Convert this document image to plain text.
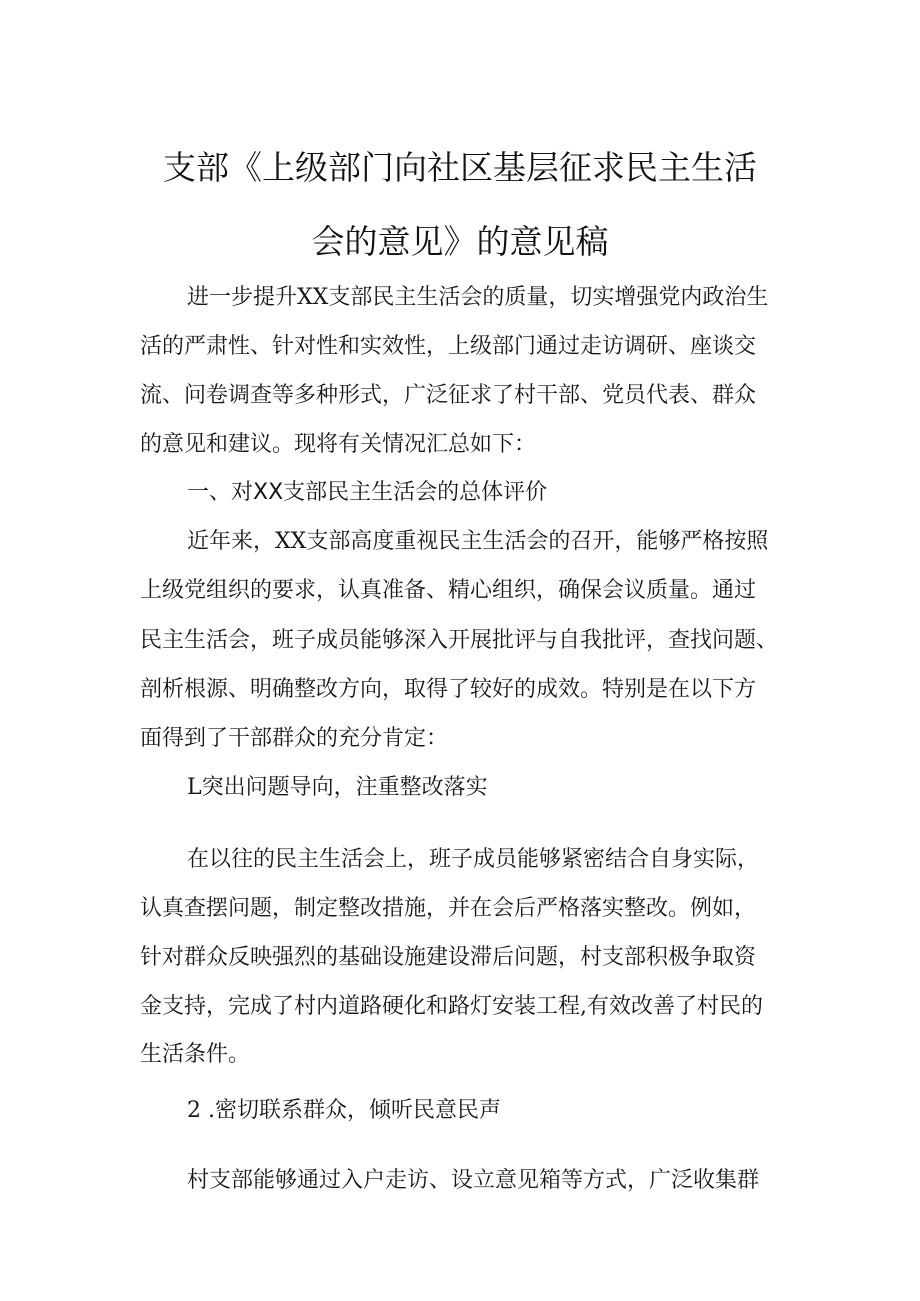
支部《上级部门向社区基层征求民主生活
会的意见》的意见稿
进一步提升XX支部民主生活会的质量，切实增强党内政治生
活的严肃性、针对性和实效性，上级部门通过走访调研、座谈交
流、问卷调查等多种形式，广泛征求了村干部、党员代表、群众
的意见和建议。现将有关情况汇总如下：
一、对XX支部民主生活会的总体评价
近年来，XX支部高度重视民主生活会的召开，能够严格按照
上级党组织的要求，认真准备、精心组织，确保会议质量。通过
民主生活会，班子成员能够深入开展批评与自我批评，查找问题、
剖析根源、明确整改方向，取得了较好的成效。特别是在以下方
面得到了干部群众的充分肯定：
L突出问题导向，注重整改落实
在以往的民主生活会上，班子成员能够紧密结合自身实际，
认真查摆问题，制定整改措施，并在会后严格落实整改。例如，
针对群众反映强烈的基础设施建设滞后问题，村支部积极争取资
金支持，完成了村内道路硬化和路灯安装工程,有效改善了村民的
生活条件。
2 .密切联系群众，倾听民意民声
村支部能够通过入户走访、设立意见箱等方式，广泛收集群
